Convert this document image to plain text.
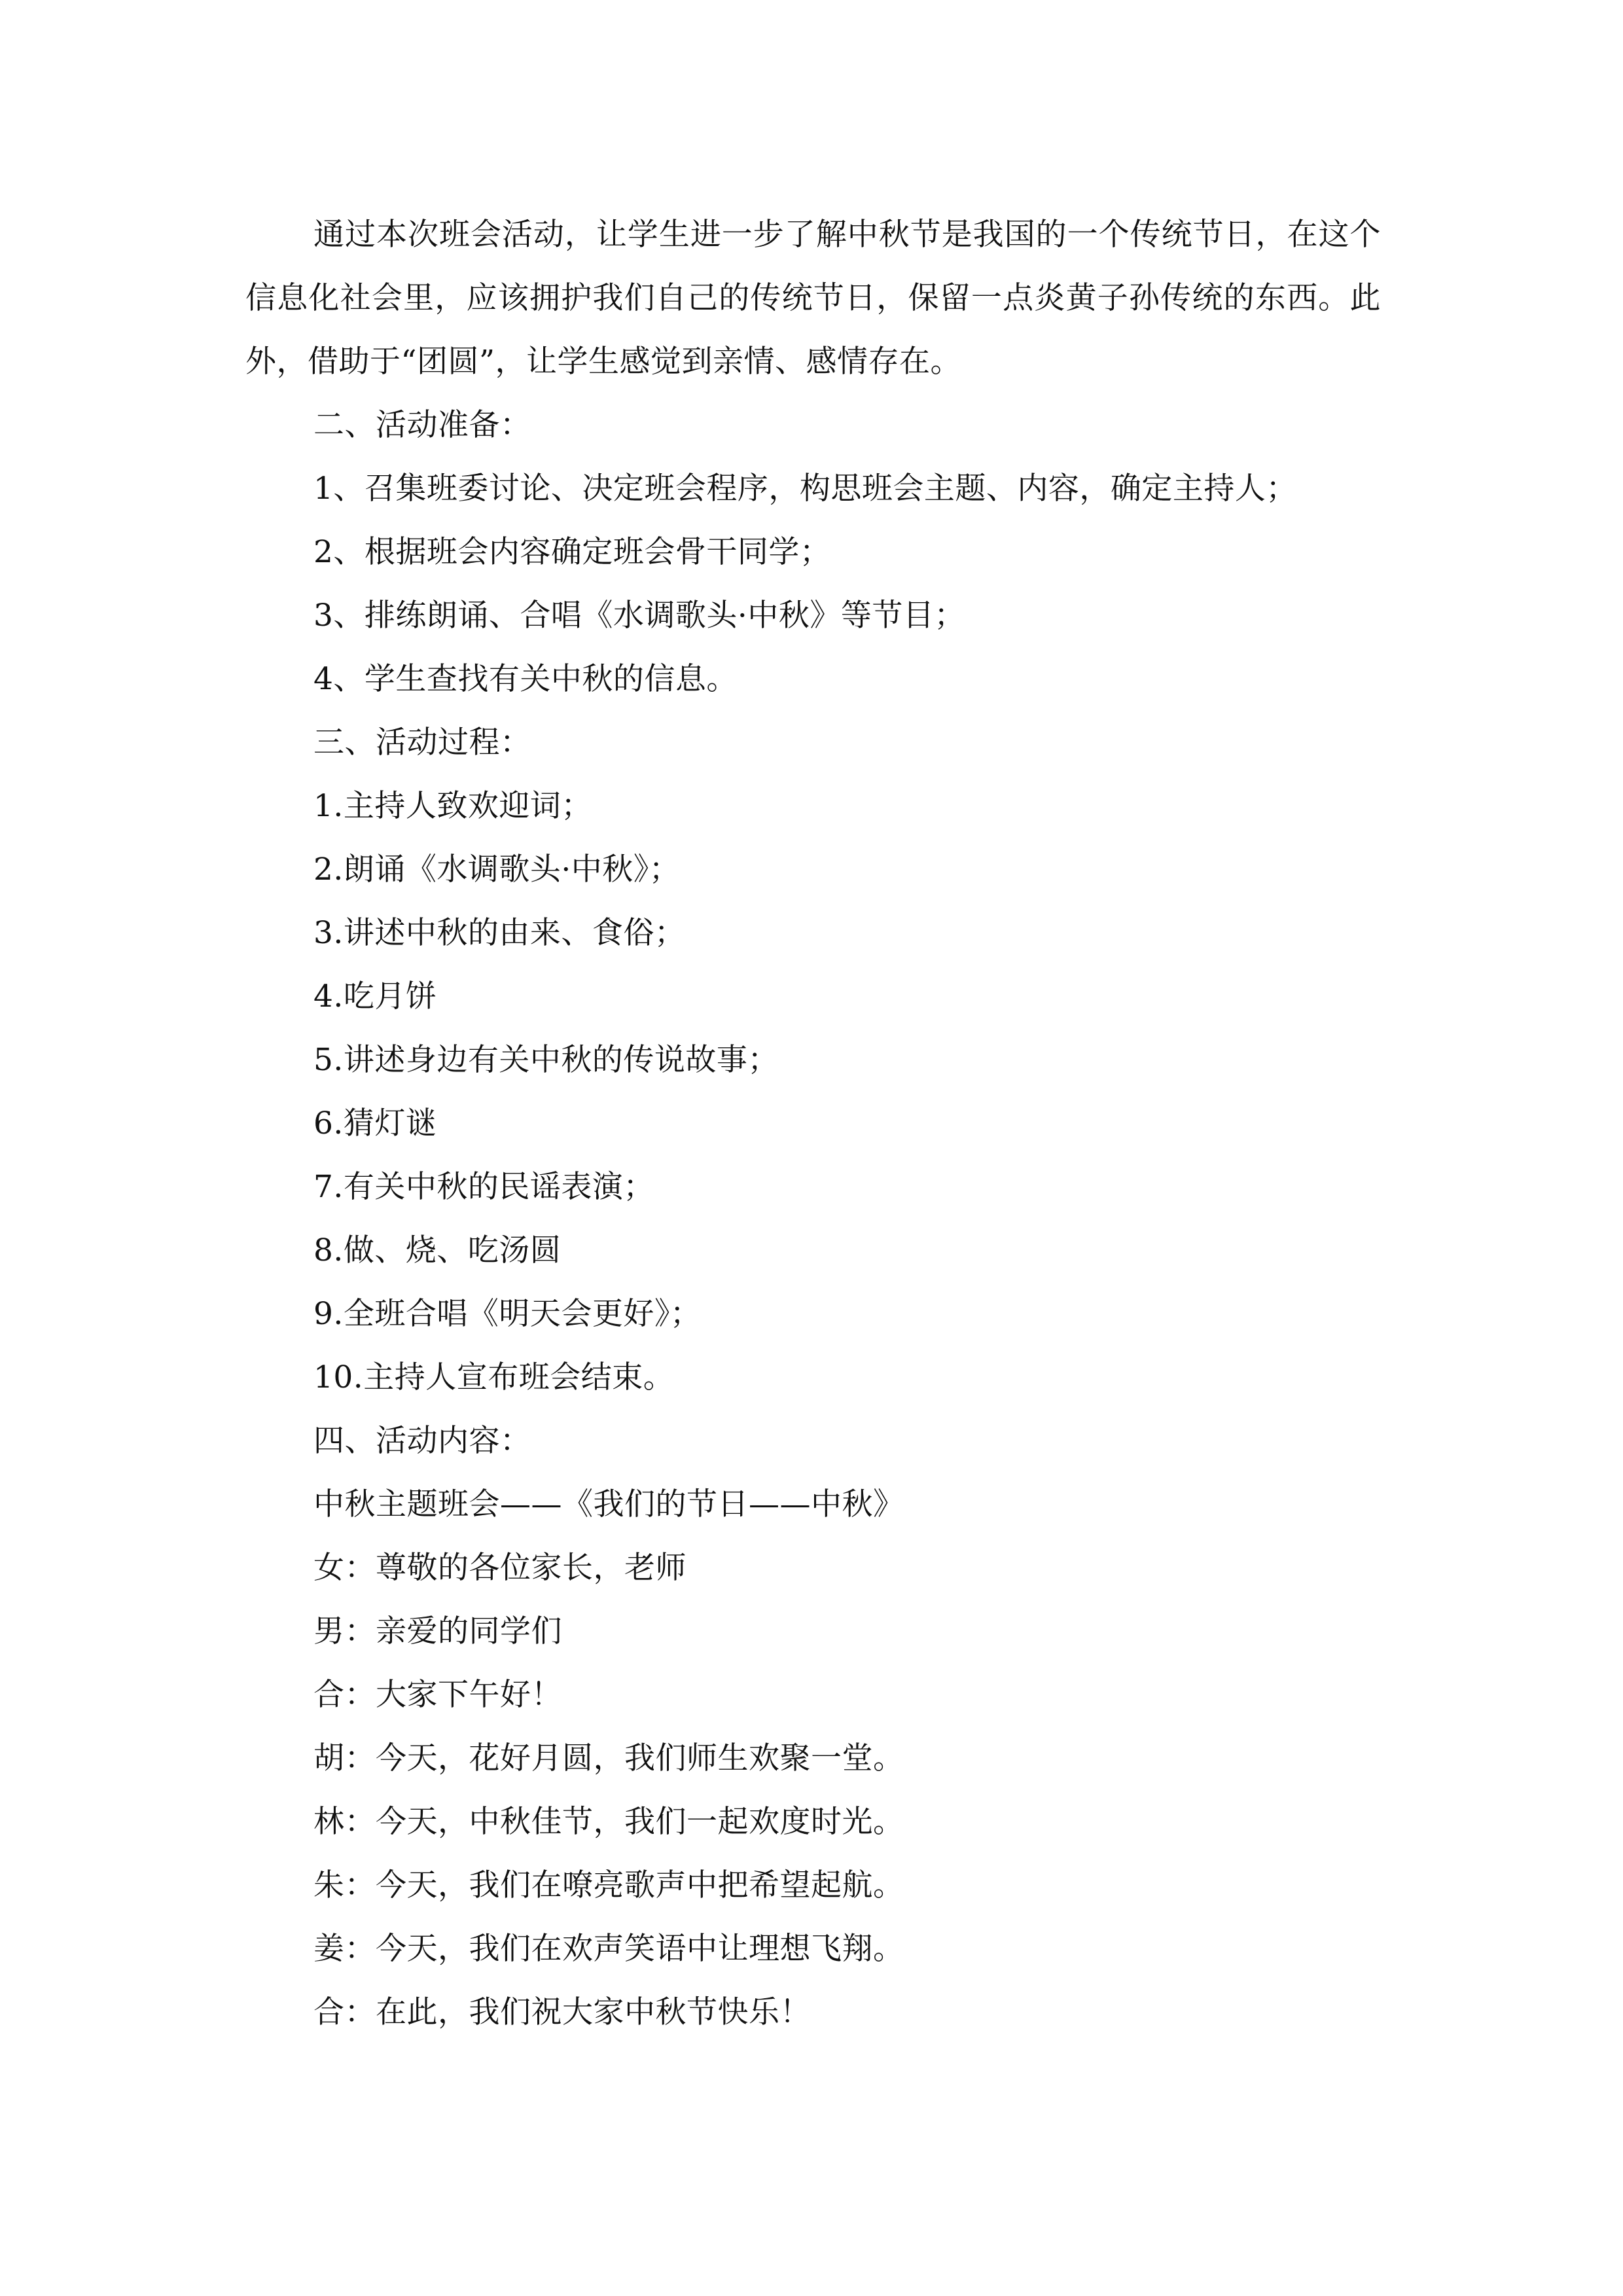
通过本次班会活动，让学生进一步了解中秋节是我国的一个传统节日，在这个信息化社会里，应该拥护我们自己的传统节日，保留一点炎黄子孙传统的东西。此外，借助于“团圆”，让学生感觉到亲情、感情存在。

二、活动准备：
1、召集班委讨论、决定班会程序，构思班会主题、内容，确定主持人；
2、根据班会内容确定班会骨干同学；
3、排练朗诵、合唱《水调歌头·中秋》等节目；
4、学生查找有关中秋的信息。
三、活动过程：
1.主持人致欢迎词；
2.朗诵《水调歌头·中秋》；
3.讲述中秋的由来、食俗；
4.吃月饼
5.讲述身边有关中秋的传说故事；
6.猜灯谜
7.有关中秋的民谣表演；
8.做、烧、吃汤圆
9.全班合唱《明天会更好》；
10.主持人宣布班会结束。
四、活动内容：
中秋主题班会——《我们的节日——中秋》
女：尊敬的各位家长，老师
男：亲爱的同学们
合：大家下午好！
胡：今天，花好月圆，我们师生欢聚一堂。
林：今天，中秋佳节，我们一起欢度时光。
朱：今天，我们在嘹亮歌声中把希望起航。
姜：今天，我们在欢声笑语中让理想飞翔。
合：在此，我们祝大家中秋节快乐！
